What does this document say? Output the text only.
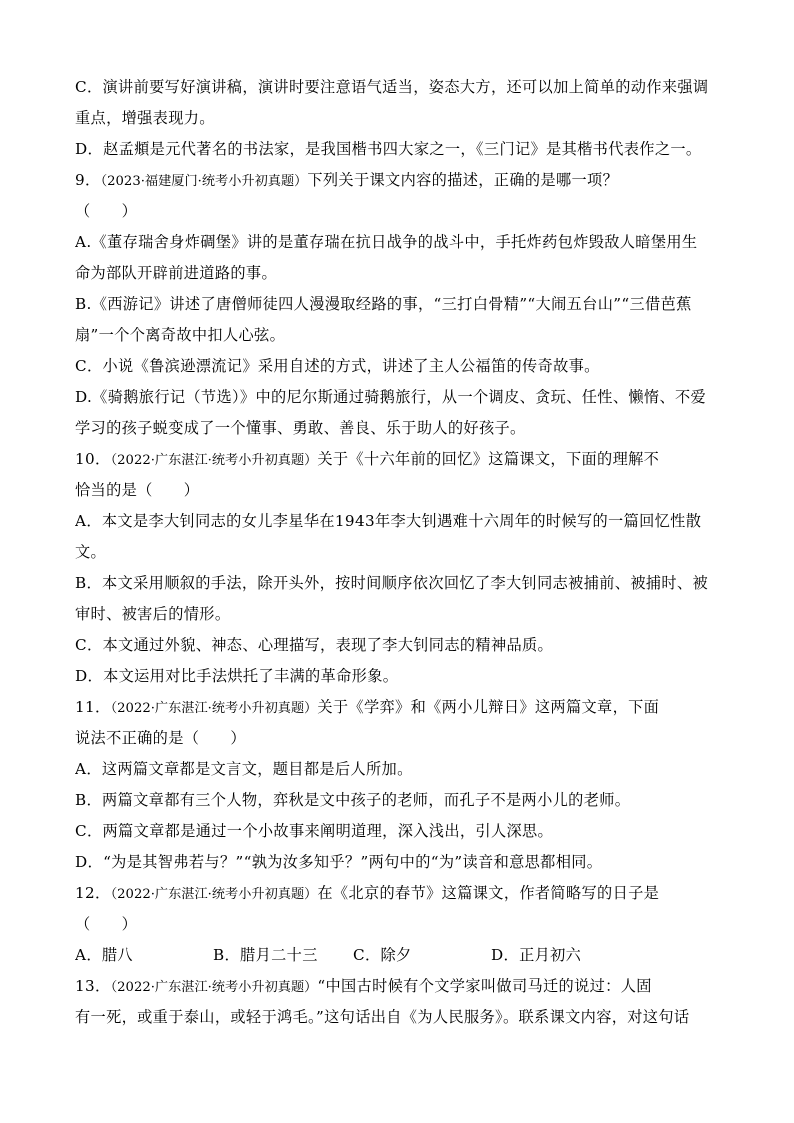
C．演讲前要写好演讲稿，演讲时要注意语气适当，姿态大方，还可以加上简单的动作来强调
重点，增强表现力。
D．赵孟頫是元代著名的书法家，是我国楷书四大家之一，《三门记》是其楷书代表作之一。
9．（2023·福建厦门·统考小升初真题）下列关于课文内容的描述，正确的是哪一项？
（　　）
A.《董存瑞舍身炸碉堡》讲的是董存瑞在抗日战争的战斗中，手托炸药包炸毁敌人暗堡用生
命为部队开辟前进道路的事。
B.《西游记》讲述了唐僧师徒四人漫漫取经路的事，“三打白骨精”“大闹五台山”“三借芭蕉
扇”一个个离奇故中扣人心弦。
C．小说《鲁滨逊漂流记》采用自述的方式，讲述了主人公福笛的传奇故事。
D.《骑鹅旅行记（节选）》中的尼尔斯通过骑鹅旅行，从一个调皮、贪玩、任性、懒惰、不爱
学习的孩子蜕变成了一个懂事、勇敢、善良、乐于助人的好孩子。
10．（2022·广东湛江·统考小升初真题）关于《十六年前的回忆》这篇课文，下面的理解不
恰当的是（　　）
A．本文是李大钊同志的女儿李星华在1943年李大钊遇难十六周年的时候写的一篇回忆性散
文。
B．本文采用顺叙的手法，除开头外，按时间顺序依次回忆了李大钊同志被捕前、被捕时、被
审时、被害后的情形。
C．本文通过外貌、神态、心理描写，表现了李大钊同志的精神品质。
D．本文运用对比手法烘托了丰满的革命形象。
11．（2022·广东湛江·统考小升初真题）关于《学弈》和《两小儿辩日》这两篇文章，下面
说法不正确的是（　　）
A．这两篇文章都是文言文，题目都是后人所加。
B．两篇文章都有三个人物，弈秋是文中孩子的老师，而孔子不是两小儿的老师。
C．两篇文章都是通过一个小故事来阐明道理，深入浅出，引人深思。
D．“为是其智弗若与？”“孰为汝多知乎？”两句中的“为”读音和意思都相同。
12．（2022·广东湛江·统考小升初真题）在《北京的春节》这篇课文，作者简略写的日子是
（　　）
A．腊八	B．腊月二十三	C．除夕	D．正月初六
13．（2022·广东湛江·统考小升初真题）“中国古时候有个文学家叫做司马迁的说过：人固
有一死，或重于泰山，或轻于鸿毛。”这句话出自《为人民服务》。联系课文内容，对这句话
